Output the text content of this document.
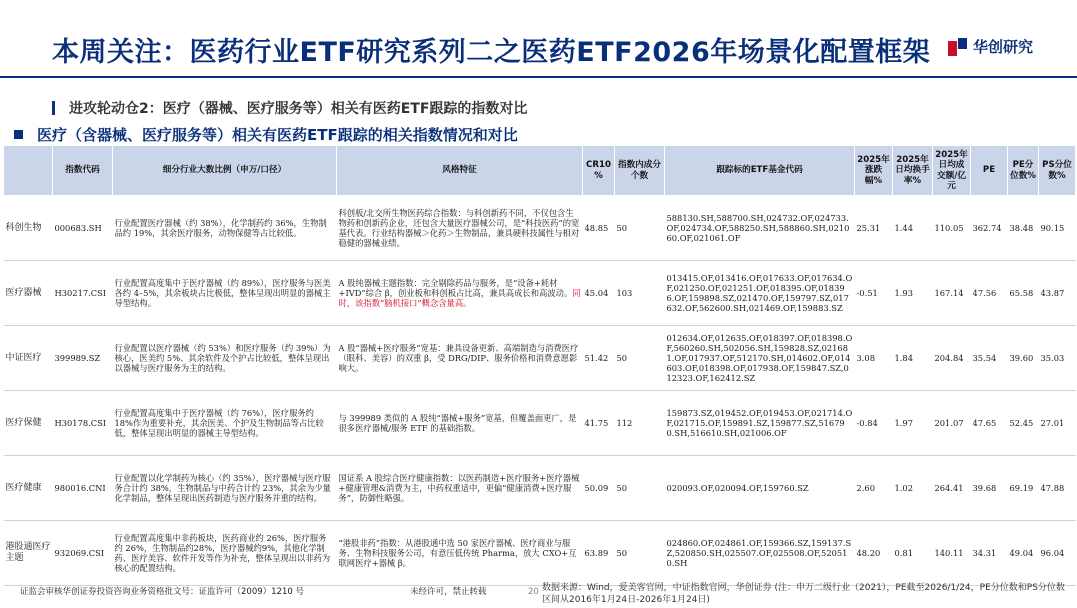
本周关注：医药行业ETF研究系列二之医药ETF2026年场景化配置框架	华创研究
进攻轮动仓2：医疗（器械、医疗服务等）相关有医药ETF跟踪的指数对比
医疗（含器械、医疗服务等）相关有医药ETF跟踪的相关指数情况和对比
	指数代码	细分行业大数比例（申万/口径）	风格特征	CR10 %	指数内成分个数	跟踪标的ETF基金代码	2025年涨跌幅%	2025年日均换手率%	2025年日均成交额/亿元	PE	PE分位数%	PS分位数%
科创生物	000683.SH	行业配置医疗器械（约 38%），化学制药约 36%，生物制品约 19%，其余医疗服务，动物保健等占比较低。	科创板/北交所生物医药综合指数：与科创新药不同，不仅包含生物药和创新药企业，还包含大量医疗器械公司，是“科技医药”的宽基代表。行业结构器械＞化药＞生物制品，兼具硬科技属性与相对稳健的器械业绩。	48.85	50	588130.SH,588700.SH,024732.OF,024733.OF,024734.OF,588250.SH,588860.SH,021060.OF,021061.OF	25.31	1.44	110.05	362.74	38.48	90.15
医疗器械	H30217.CSI	行业配置高度集中于医疗器械（约 89%），医疗服务与医美各约 4–5%，其余板块占比极低，整体呈现出明显的器械主导型结构。	A 股纯器械主题指数：完全剔除药品与服务，是“设备+耗材+IVD”综合 β，创业板和科创板占比高，兼具高成长和高波动。同时，该指数“脑机接口”概念含量高。	45.04	103	013415.OF,013416.OF,017633.OF,017634.OF,021250.OF,021251.OF,018395.OF,018396.OF,159898.SZ,021470.OF,159797.SZ,017632.OF,562600.SH,021469.OF,159883.SZ	-0.51	1.93	167.14	47.56	65.58	43.87
中证医疗	399989.SZ	行业配置以医疗器械（约 53%）和医疗服务（约 39%）为核心，医美约 5%、其余软件及个护占比较低，整体呈现出以器械与医疗服务为主的结构。	A 股“器械+医疗服务”宽基：兼具设备更新、高端制造与消费医疗（眼科、美容）的双重 β，受 DRG/DIP、服务价格和消费意愿影响大。	51.42	50	012634.OF,012635.OF,018397.OF,018398.OF,560260.SH,502056.SH,159828.SZ,021681.OF,017937.OF,512170.SH,014602.OF,014603.OF,018398.OF,017938.OF,159847.SZ,012323.OF,162412.SZ	3.08	1.84	204.84	35.54	39.60	35.03
医疗保健	H30178.CSI	行业配置高度集中于医疗器械（约 76%），医疗服务约 18%作为重要补充，其余医美、个护及生物制品等占比较低，整体呈现出明显的器械主导型结构。	与 399989 类似的 A 股纯“器械+服务”宽基，但覆盖面更广，是很多医疗器械/服务 ETF 的基础指数。	41.75	112	159873.SZ,019452.OF,019453.OF,021714.OF,021715.OF,159891.SZ,159877.SZ,516790.SH,516610.SH,021006.OF	-0.84	1.97	201.07	47.65	52.45	27.01
医疗健康	980016.CNI	行业配置以化学制药为核心（约 35%），医疗器械与医疗服务合计约 38%，生物制品与中药合计约 23%，其余为少量化学制品，整体呈现出医药制造与医疗服务并重的结构。	国证系 A 股综合医疗健康指数：以医药制造+医疗服务+医疗器械+健康管理&消费为主，中药权重适中，更偏“健康消费+医疗服务”，防御性略强。	50.09	50	020093.OF,020094.OF,159760.SZ	2.60	1.02	264.41	39.68	69.19	47.88
港股通医疗主题	932069.CSI	行业配置高度集中非药板块，医药商业约 26%，医疗服务约 26%，生物制品约28%，医疗器械约9%，其他化学制药、医疗美容、软件开发等作为补充，整体呈现出以非药为核心的配置结构。	“港股非药”指数：从港股通中选 50 家医疗器械、医疗商业与服务、生物科技服务公司，有意压低传统 Pharma，放大 CXO+互联网医疗+器械 β。	63.89	50	024860.OF,024861.OF,159366.SZ,159137.SZ,520850.SH,025507.OF,025508.OF,520510.SH	48.20	0.81	140.11	34.31	49.04	96.04
证监会审核华创证券投资咨询业务资格批文号：证监许可（2009）1210 号	未经许可，禁止转载	20 数据来源：Wind，爱美客官网，中证指数官网，华创证券 (注：申万二级行业（2021），PE截至2026/1/24，PE分位数和PS分位数区间从2016年1月24日-2026年1月24日)
